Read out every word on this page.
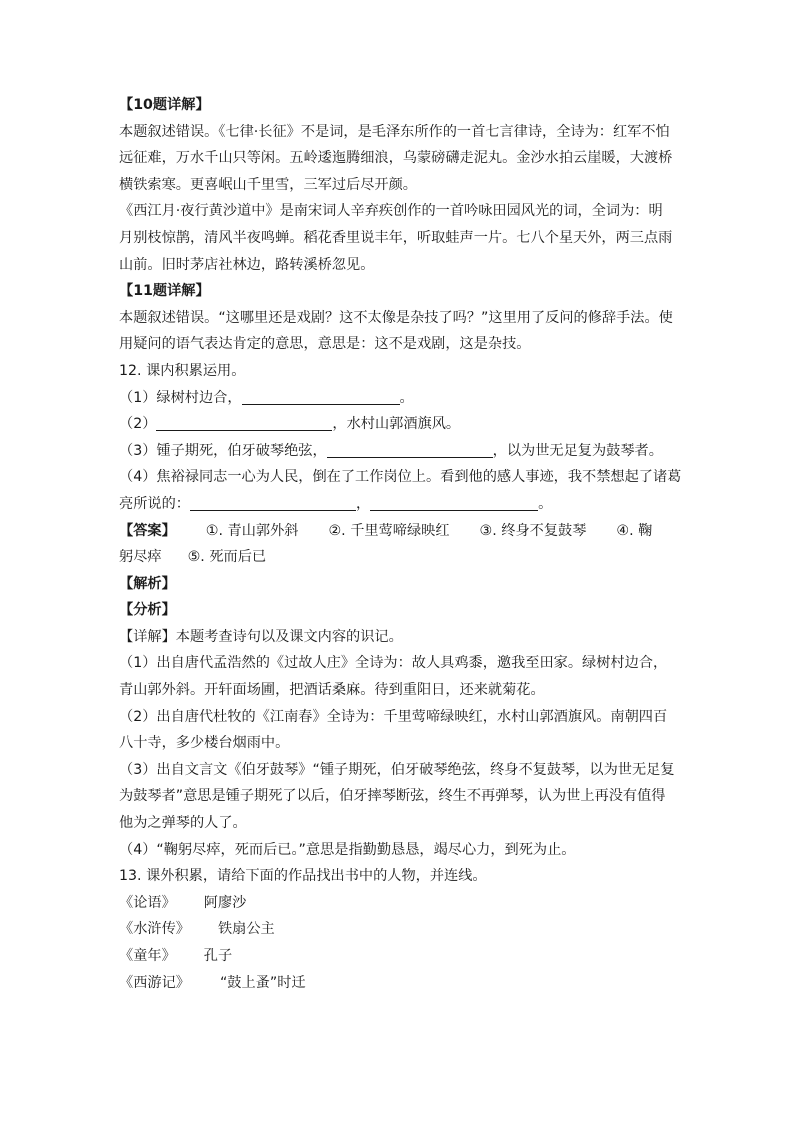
【10题详解】
本题叙述错误。《七律·长征》不是词，是毛泽东所作的一首七言律诗，全诗为：红军不怕
远征难，万水千山只等闲。五岭逶迤腾细浪，乌蒙磅礴走泥丸。金沙水拍云崖暖，大渡桥
横铁索寒。更喜岷山千里雪，三军过后尽开颜。
《西江月·夜行黄沙道中》是南宋词人辛弃疾创作的一首吟咏田园风光的词，全词为：明
月别枝惊鹊，清风半夜鸣蝉。稻花香里说丰年，听取蛙声一片。七八个星天外，两三点雨
山前。旧时茅店社林边，路转溪桥忽见。
【11题详解】
本题叙述错误。“这哪里还是戏剧？这不太像是杂技了吗？”这里用了反问的修辞手法。使
用疑问的语气表达肯定的意思，意思是：这不是戏剧，这是杂技。
12. 课内积累运用。
（1）绿树村边合，	。
（2）	，水村山郭酒旗风。
（3）锺子期死，伯牙破琴绝弦，	，以为世无足复为鼓琴者。
（4）焦裕禄同志一心为人民，倒在了工作岗位上。看到他的感人事迹，我不禁想起了诸葛
亮所说的：	，	。
【答案】 ①. 青山郭外斜 ②. 千里莺啼绿映红 ③. 终身不复鼓琴 ④. 鞠
躬尽瘁 ⑤. 死而后已
【解析】
【分析】
【详解】本题考查诗句以及课文内容的识记。
（1）出自唐代孟浩然的《过故人庄》全诗为：故人具鸡黍，邀我至田家。绿树村边合，
青山郭外斜。开轩面场圃，把酒话桑麻。待到重阳日，还来就菊花。
（2）出自唐代杜牧的《江南春》全诗为：千里莺啼绿映红，水村山郭酒旗风。南朝四百
八十寺，多少楼台烟雨中。
（3）出自文言文《伯牙鼓琴》“锺子期死，伯牙破琴绝弦，终身不复鼓琴，以为世无足复
为鼓琴者”意思是锺子期死了以后，伯牙摔琴断弦，终生不再弹琴，认为世上再没有值得
他为之弹琴的人了。
（4）“鞠躬尽瘁，死而后已。”意思是指勤勤恳恳，竭尽心力，到死为止。
13. 课外积累，请给下面的作品找出书中的人物，并连线。
《论语》 阿廖沙
《水浒传》 铁扇公主
《童年》 孔子
《西游记》 “鼓上蚤”时迁
